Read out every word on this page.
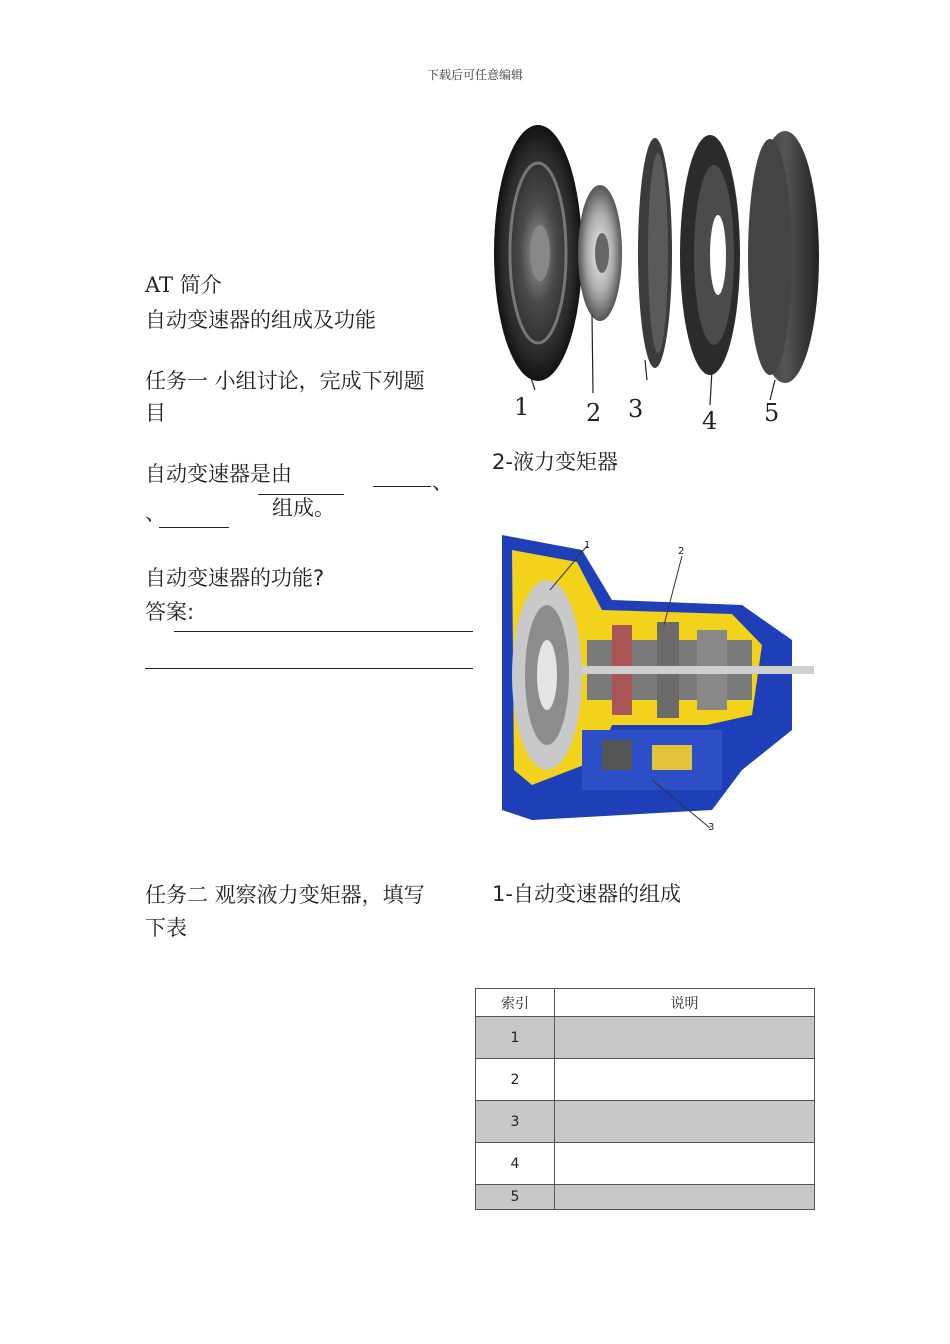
下载后可任意编辑
AT 简介
自动变速器的组成及功能
任务一 小组讨论，完成下列题
目
自动变速器是由	、
、	组成。
自动变速器的功能?
答案:
任务二 观察液力变矩器，填写
下表
1 2 3 4 5
2-液力变矩器
1
2
3
1-自动变速器的组成
索引	说明
1	
2	
3	
4	
5	
